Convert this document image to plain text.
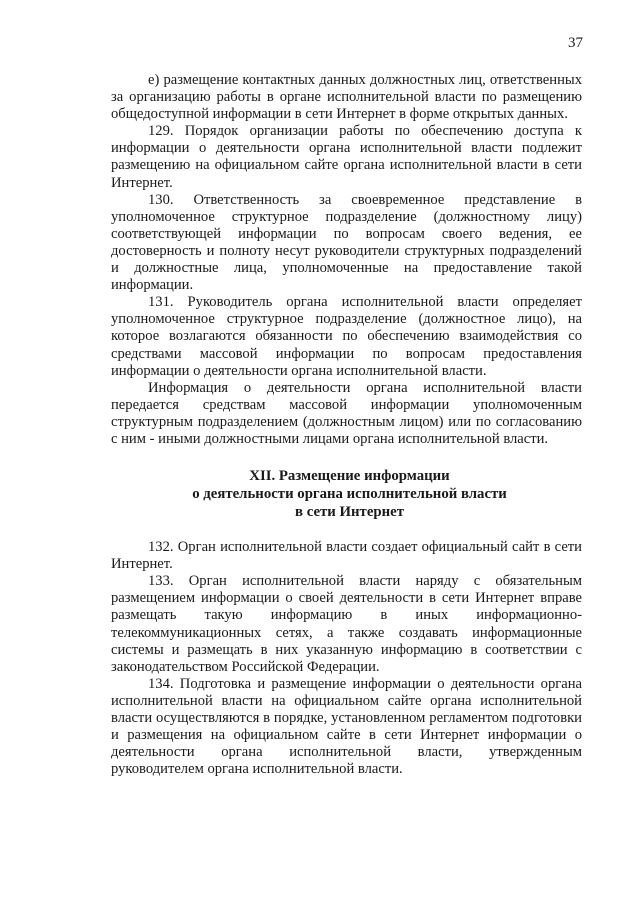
37

е) размещение контактных данных должностных лиц, ответственных за организацию работы в органе исполнительной власти по размещению общедоступной информации в сети Интернет в форме открытых данных.

129. Порядок организации работы по обеспечению доступа к информации о деятельности органа исполнительной власти подлежит размещению на официальном сайте органа исполнительной власти в сети Интернет.

130. Ответственность за своевременное представление в уполномоченное структурное подразделение (должностному лицу) соответствующей информации по вопросам своего ведения, ее достоверность и полноту несут руководители структурных подразделений и должностные лица, уполномоченные на предоставление такой информации.

131. Руководитель органа исполнительной власти определяет уполномоченное структурное подразделение (должностное лицо), на которое возлагаются обязанности по обеспечению взаимодействия со средствами массовой информации по вопросам предоставления информации о деятельности органа исполнительной власти.

Информация о деятельности органа исполнительной власти передается средствам массовой информации уполномоченным структурным подразделением (должностным лицом) или по согласованию с ним - иными должностными лицами органа исполнительной власти.

XII. Размещение информации

о деятельности органа исполнительной власти

в сети Интернет

132. Орган исполнительной власти создает официальный сайт в сети Интернет.

133. Орган исполнительной власти наряду с обязательным размещением информации о своей деятельности в сети Интернет вправе размещать такую информацию в иных информационно-телекоммуникационных сетях, а также создавать информационные системы и размещать в них указанную информацию в соответствии с законодательством Российской Федерации.

134. Подготовка и размещение информации о деятельности органа исполнительной власти на официальном сайте органа исполнительной власти осуществляются в порядке, установленном регламентом подготовки и размещения на официальном сайте в сети Интернет информации о деятельности органа исполнительной власти, утвержденным руководителем органа исполнительной власти.
